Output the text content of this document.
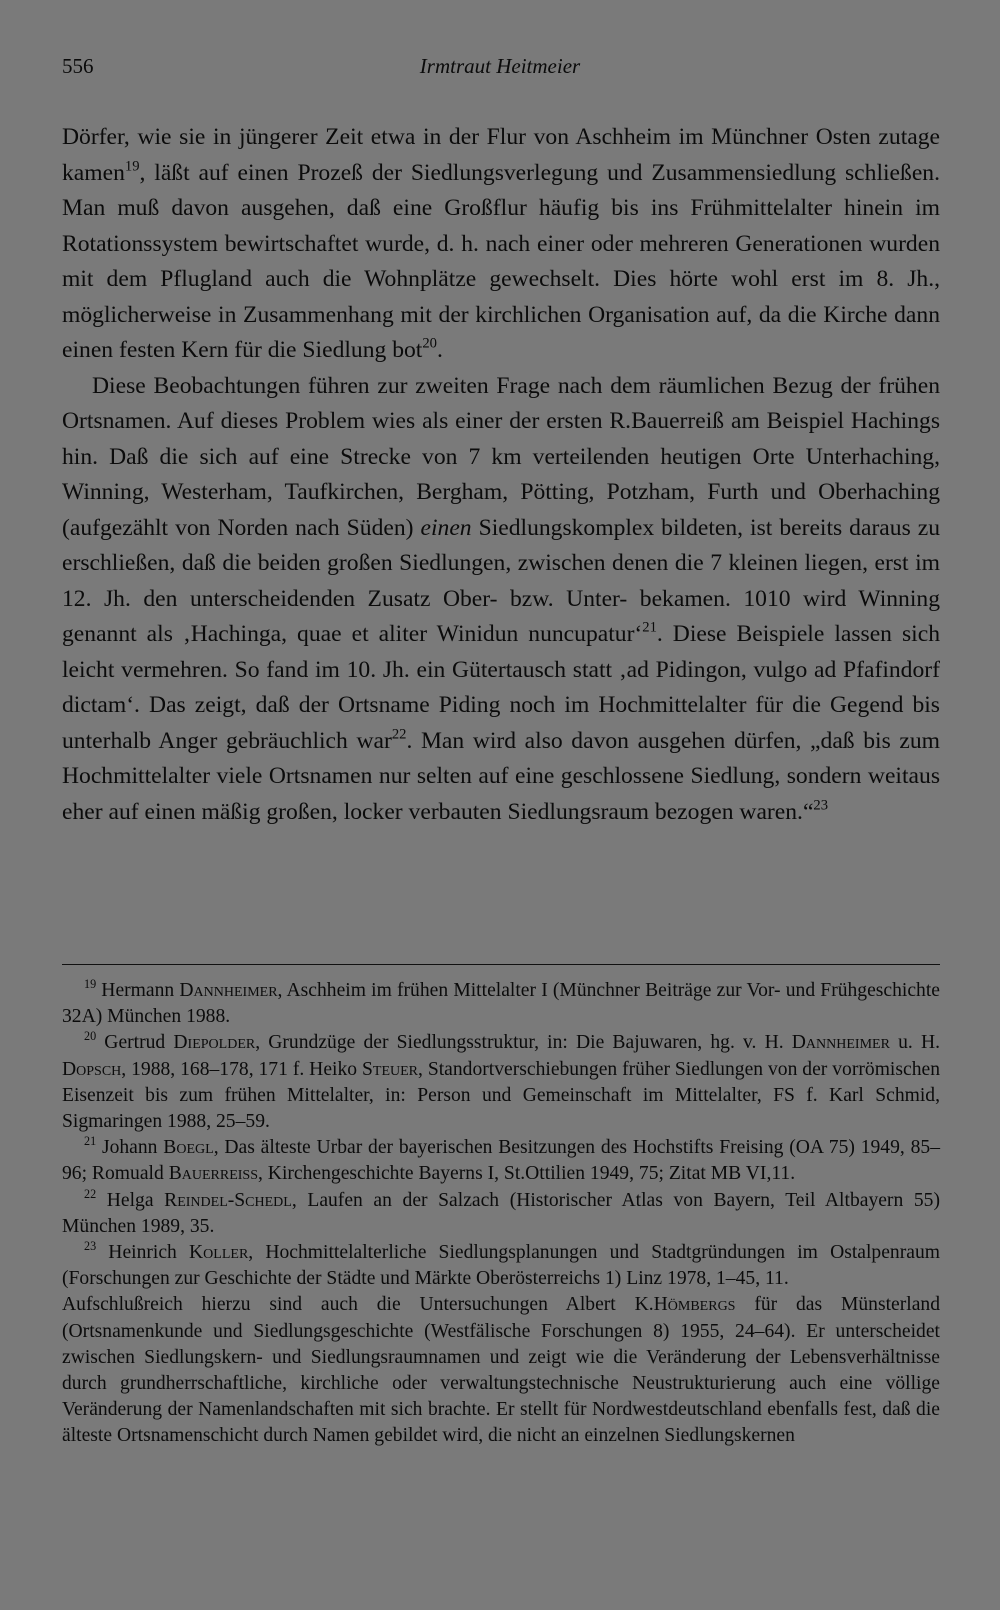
556	Irmtraut Heitmeier

Dörfer, wie sie in jüngerer Zeit etwa in der Flur von Aschheim im Münchner Osten zutage kamen$^{19}$, läßt auf einen Prozeß der Siedlungsverlegung und Zusammensiedlung schließen. Man muß davon ausgehen, daß eine Großflur häufig bis ins Frühmittelalter hinein im Rotationssystem bewirtschaftet wurde, d. h. nach einer oder mehreren Generationen wurden mit dem Pflugland auch die Wohnplätze gewechselt. Dies hörte wohl erst im 8. Jh., möglicherweise in Zusammenhang mit der kirchlichen Organisation auf, da die Kirche dann einen festen Kern für die Siedlung bot$^{20}$.

Diese Beobachtungen führen zur zweiten Frage nach dem räumlichen Bezug der frühen Ortsnamen. Auf dieses Problem wies als einer der ersten R.Bauerreiß am Beispiel Hachings hin. Daß die sich auf eine Strecke von 7 km verteilenden heutigen Orte Unterhaching, Winning, Westerham, Taufkirchen, Bergham, Pötting, Potzham, Furth und Oberhaching (aufgezählt von Norden nach Süden) einen Siedlungskomplex bildeten, ist bereits daraus zu erschließen, daß die beiden großen Siedlungen, zwischen denen die 7 kleinen liegen, erst im 12. Jh. den unterscheidenden Zusatz Ober- bzw. Unter- bekamen. 1010 wird Winning genannt als ‚Hachinga, quae et aliter Winidun nuncupatur‘$^{21}$. Diese Beispiele lassen sich leicht vermehren. So fand im 10. Jh. ein Gütertausch statt ‚ad Pidingon, vulgo ad Pfafindorf dictam‘. Das zeigt, daß der Ortsname Piding noch im Hochmittelalter für die Gegend bis unterhalb Anger gebräuchlich war$^{22}$. Man wird also davon ausgehen dürfen, „daß bis zum Hochmittelalter viele Ortsnamen nur selten auf eine geschlossene Siedlung, sondern weitaus eher auf einen mäßig großen, locker verbauten Siedlungsraum bezogen waren.“$^{23}$

$^{19}$ Hermann Dannheimer, Aschheim im frühen Mittelalter I (Münchner Beiträge zur Vor- und Frühgeschichte 32A) München 1988.

$^{20}$ Gertrud Diepolder, Grundzüge der Siedlungsstruktur, in: Die Bajuwaren, hg. v. H. Dannheimer u. H. Dopsch, 1988, 168–178, 171 f. Heiko Steuer, Standortverschiebungen früher Siedlungen von der vorrömischen Eisenzeit bis zum frühen Mittelalter, in: Person und Gemeinschaft im Mittelalter, FS f. Karl Schmid, Sigmaringen 1988, 25–59.

$^{21}$ Johann Boegl, Das älteste Urbar der bayerischen Besitzungen des Hochstifts Freising (OA 75) 1949, 85–96; Romuald Bauerreiss, Kirchengeschichte Bayerns I, St.Ottilien 1949, 75; Zitat MB VI,11.

$^{22}$ Helga Reindel-Schedl, Laufen an der Salzach (Historischer Atlas von Bayern, Teil Altbayern 55) München 1989, 35.

$^{23}$ Heinrich Koller, Hochmittelalterliche Siedlungsplanungen und Stadtgründungen im Ostalpenraum (Forschungen zur Geschichte der Städte und Märkte Oberösterreichs 1) Linz 1978, 1–45, 11.

Aufschlußreich hierzu sind auch die Untersuchungen Albert K.Hömbergs für das Münsterland (Ortsnamenkunde und Siedlungsgeschichte (Westfälische Forschungen 8) 1955, 24–64). Er unterscheidet zwischen Siedlungskern- und Siedlungsraumnamen und zeigt wie die Veränderung der Lebensverhältnisse durch grundherrschaftliche, kirchliche oder verwaltungstechnische Neustrukturierung auch eine völlige Veränderung der Namenlandschaften mit sich brachte. Er stellt für Nordwestdeutschland ebenfalls fest, daß die älteste Ortsnamenschicht durch Namen gebildet wird, die nicht an einzelnen Siedlungskernen
